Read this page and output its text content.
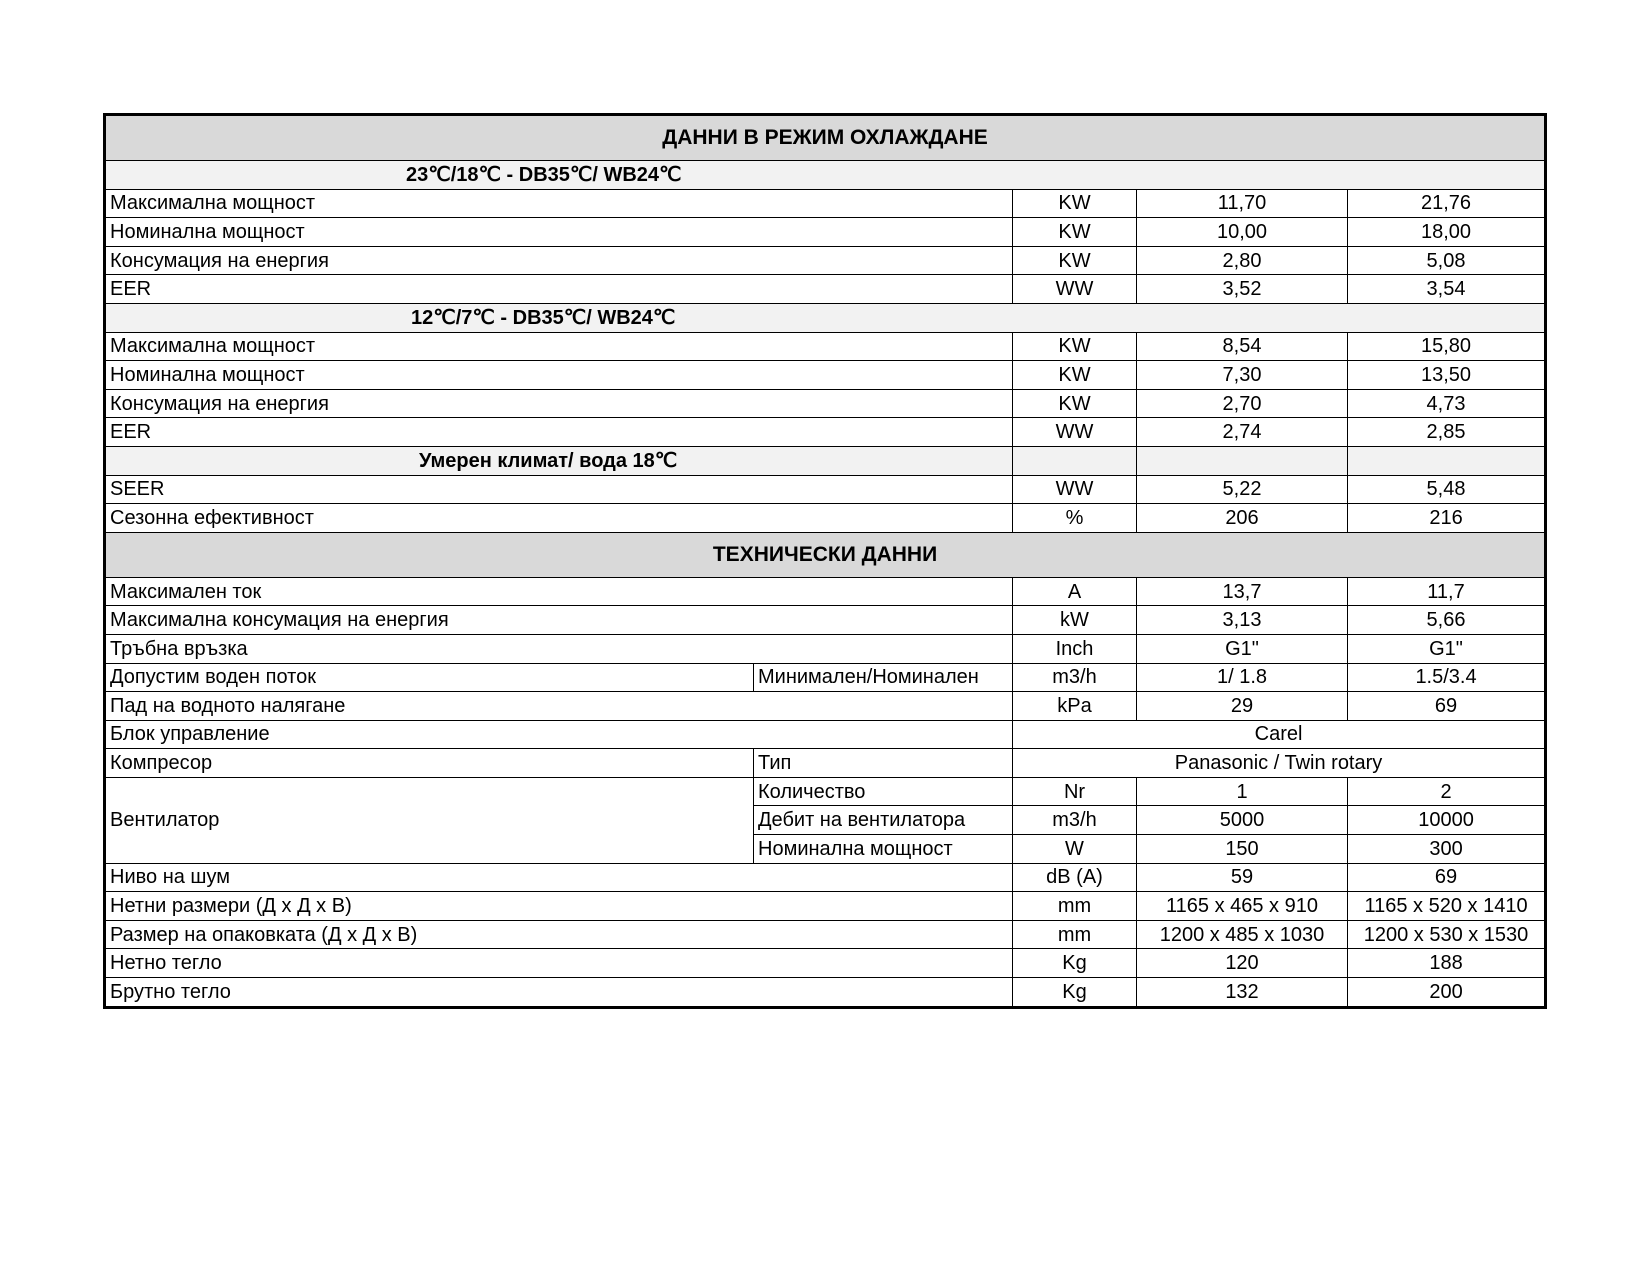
ДАННИ В РЕЖИМ ОХЛАЖДАНЕ				
23℃/18℃ - DB35℃/ WB24℃				
Максимална мощност		KW	11,70	21,76
Номинална мощност		KW	10,00	18,00
Консумация на енергия		KW	2,80	5,08
EER		WW	3,52	3,54
12℃/7℃ - DB35℃/ WB24℃				
Максимална мощност		KW	8,54	15,80
Номинална мощност		KW	7,30	13,50
Консумация на енергия		KW	2,70	4,73
EER		WW	2,74	2,85
Умерен климат/ вода 18℃				
SEER		WW	5,22	5,48
Сезонна ефективност		%	206	216
ТЕХНИЧЕСКИ ДАННИ				
Максимален ток		A	13,7	11,7
Максимална консумация на енергия		kW	3,13	5,66
Тръбна връзка		Inch	G1"	G1"
Допустим воден поток	Минимален/Номинален	m3/h	1/ 1.8	1.5/3.4
Пад на водното налягане		kPa	29	69
Блок управление		Carel		
Компресор	Тип	Panasonic / Twin rotary		
Вентилатор	Количество	Nr	1	2
	Дебит на вентилатора	m3/h	5000	10000
	Номинална мощност	W	150	300
Ниво на шум		dB (A)	59	69
Нетни размери (Д х Д х В)		mm	1165 x 465 x 910	1165 x 520 x 1410
Размер на опаковката (Д х Д х В)		mm	1200 x 485 x 1030	1200 x 530 x 1530
Нетно тегло		Kg	120	188
Брутно тегло		Kg	132	200
